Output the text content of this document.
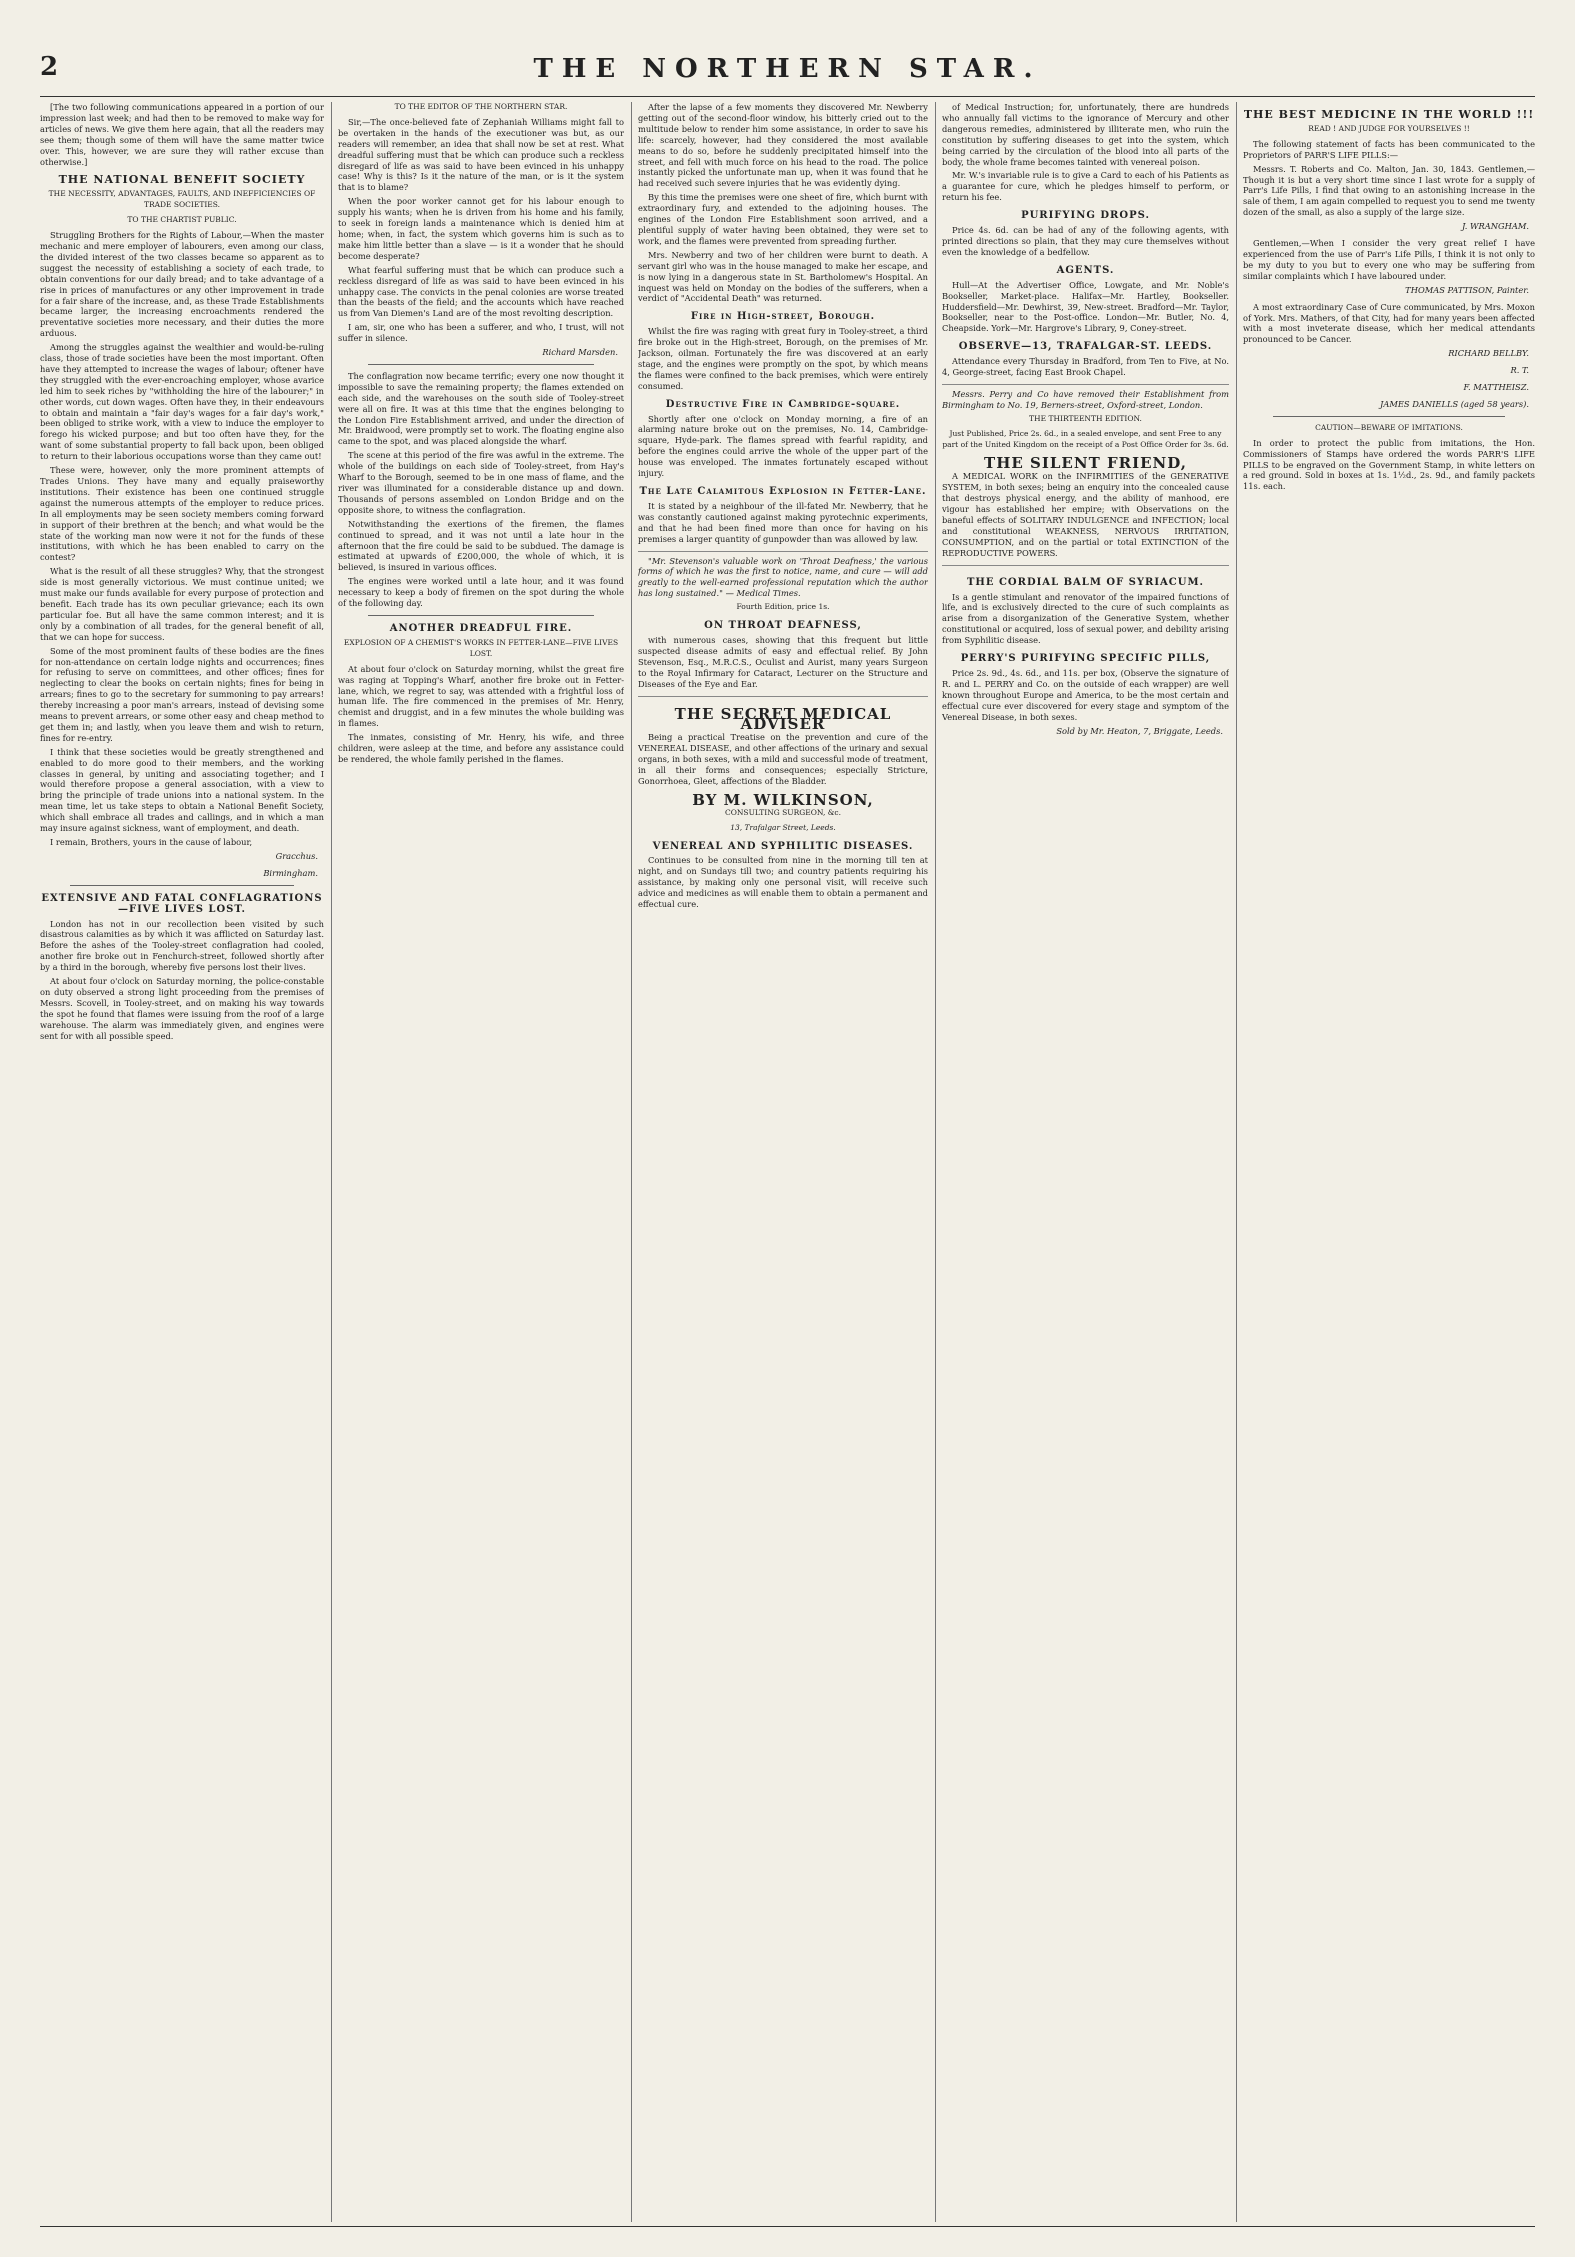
2	THE NORTHERN STAR.

[The two following communications appeared in a portion of our impression last week; and had then to be removed to make way for articles of news. We give them here again, that all the readers may see them; though some of them will have the same matter twice over. This, however, we are sure they will rather excuse than otherwise.]

THE NATIONAL BENEFIT SOCIETY
THE NECESSITY, ADVANTAGES, FAULTS, AND INEFFICIENCIES OF TRADE SOCIETIES.
TO THE CHARTIST PUBLIC.

Struggling Brothers for the Rights of Labour,—When the master mechanic and mere employer of labourers, even among our class, the divided interest of the two classes became so apparent as to suggest the necessity of establishing a society of each trade, to obtain conventions for our daily bread; and to take advantage of a rise in prices of manufactures or any other improvement in trade for a fair share of the increase, and, as these Trade Establishments became larger, the increasing encroachments rendered the preventative societies more necessary, and their duties the more arduous.

Among the struggles against the wealthier and would-be-ruling class, those of trade societies have been the most important. Often have they attempted to increase the wages of labour; oftener have they struggled with the ever-encroaching employer, whose avarice led him to seek riches by "withholding the hire of the labourer;" in other words, cut down wages. Often have they, in their endeavours to obtain and maintain a "fair day's wages for a fair day's work," been obliged to strike work, with a view to induce the employer to forego his wicked purpose; and but too often have they, for the want of some substantial property to fall back upon, been obliged to return to their laborious occupations worse than they came out!

These were, however, only the more prominent attempts of Trades Unions. They have many and equally praiseworthy institutions. Their existence has been one continued struggle against the numerous attempts of the employer to reduce prices. In all employments may be seen society members coming forward in support of their brethren at the bench; and what would be the state of the working man now were it not for the funds of these institutions, with which he has been enabled to carry on the contest?

What is the result of all these struggles? Why, that the strongest side is most generally victorious. We must continue united; we must make our funds available for every purpose of protection and benefit. Each trade has its own peculiar grievance; each its own particular foe. But all have the same common interest; and it is only by a combination of all trades, for the general benefit of all, that we can hope for success.

Some of the most prominent faults of these bodies are the fines for non-attendance on certain lodge nights and occurrences; fines for refusing to serve on committees, and other offices; fines for neglecting to clear the books on certain nights; fines for being in arrears; fines to go to the secretary for summoning to pay arrears! thereby increasing a poor man's arrears, instead of devising some means to prevent arrears, or some other easy and cheap method to get them in; and lastly, when you leave them and wish to return, fines for re-entry.

I think that these societies would be greatly strengthened and enabled to do more good to their members, and the working classes in general, by uniting and associating together; and I would therefore propose a general association, with a view to bring the principle of trade unions into a national system. In the mean time, let us take steps to obtain a National Benefit Society, which shall embrace all trades and callings, and in which a man may insure against sickness, want of employment, and death.

I remain, Brothers, yours in the cause of labour,

Gracchus.
Birmingham.
EXTENSIVE AND FATAL CONFLAGRATIONS—FIVE LIVES LOST.

London has not in our recollection been visited by such disastrous calamities as by which it was afflicted on Saturday last. Before the ashes of the Tooley-street conflagration had cooled, another fire broke out in Fenchurch-street, followed shortly after by a third in the borough, whereby five persons lost their lives.

At about four o'clock on Saturday morning, the police-constable on duty observed a strong light proceeding from the premises of Messrs. Scovell, in Tooley-street, and on making his way towards the spot he found that flames were issuing from the roof of a large warehouse. The alarm was immediately given, and engines were sent for with all possible speed.

TO THE EDITOR OF THE NORTHERN STAR.

Sir,—The once-believed fate of Zephaniah Williams might fall to be overtaken in the hands of the executioner was but, as our readers will remember, an idea that shall now be set at rest. What dreadful suffering must that be which can produce such a reckless disregard of life as was said to have been evinced in his unhappy case! Why is this? Is it the nature of the man, or is it the system that is to blame?

When the poor worker cannot get for his labour enough to supply his wants; when he is driven from his home and his family, to seek in foreign lands a maintenance which is denied him at home; when, in fact, the system which governs him is such as to make him little better than a slave — is it a wonder that he should become desperate?

What fearful suffering must that be which can produce such a reckless disregard of life as was said to have been evinced in his unhappy case. The convicts in the penal colonies are worse treated than the beasts of the field; and the accounts which have reached us from Van Diemen's Land are of the most revolting description.

I am, sir, one who has been a sufferer, and who, I trust, will not suffer in silence.

Richard Marsden.

The conflagration now became terrific; every one now thought it impossible to save the remaining property; the flames extended on each side, and the warehouses on the south side of Tooley-street were all on fire. It was at this time that the engines belonging to the London Fire Establishment arrived, and under the direction of Mr. Braidwood, were promptly set to work. The floating engine also came to the spot, and was placed alongside the wharf.

The scene at this period of the fire was awful in the extreme. The whole of the buildings on each side of Tooley-street, from Hay's Wharf to the Borough, seemed to be in one mass of flame, and the river was illuminated for a considerable distance up and down. Thousands of persons assembled on London Bridge and on the opposite shore, to witness the conflagration.

Notwithstanding the exertions of the firemen, the flames continued to spread, and it was not until a late hour in the afternoon that the fire could be said to be subdued. The damage is estimated at upwards of £200,000, the whole of which, it is believed, is insured in various offices.

The engines were worked until a late hour, and it was found necessary to keep a body of firemen on the spot during the whole of the following day.

ANOTHER DREADFUL FIRE.
EXPLOSION OF A CHEMIST'S WORKS IN FETTER-LANE—FIVE LIVES LOST.

At about four o'clock on Saturday morning, whilst the great fire was raging at Topping's Wharf, another fire broke out in Fetter-lane, which, we regret to say, was attended with a frightful loss of human life. The fire commenced in the premises of Mr. Henry, chemist and druggist, and in a few minutes the whole building was in flames.

The inmates, consisting of Mr. Henry, his wife, and three children, were asleep at the time, and before any assistance could be rendered, the whole family perished in the flames.

After the lapse of a few moments they discovered Mr. Newberry getting out of the second-floor window, his bitterly cried out to the multitude below to render him some assistance, in order to save his life: scarcely, however, had they considered the most available means to do so, before he suddenly precipitated himself into the street, and fell with much force on his head to the road. The police instantly picked the unfortunate man up, when it was found that he had received such severe injuries that he was evidently dying.

By this time the premises were one sheet of fire, which burnt with extraordinary fury, and extended to the adjoining houses. The engines of the London Fire Establishment soon arrived, and a plentiful supply of water having been obtained, they were set to work, and the flames were prevented from spreading further.

Mrs. Newberry and two of her children were burnt to death. A servant girl who was in the house managed to make her escape, and is now lying in a dangerous state in St. Bartholomew's Hospital. An inquest was held on Monday on the bodies of the sufferers, when a verdict of "Accidental Death" was returned.

Fire in High-street, Borough.

Whilst the fire was raging with great fury in Tooley-street, a third fire broke out in the High-street, Borough, on the premises of Mr. Jackson, oilman. Fortunately the fire was discovered at an early stage, and the engines were promptly on the spot, by which means the flames were confined to the back premises, which were entirely consumed.

Destructive Fire in Cambridge-square.

Shortly after one o'clock on Monday morning, a fire of an alarming nature broke out on the premises, No. 14, Cambridge-square, Hyde-park. The flames spread with fearful rapidity, and before the engines could arrive the whole of the upper part of the house was enveloped. The inmates fortunately escaped without injury.

The Late Calamitous Explosion in Fetter-Lane.

It is stated by a neighbour of the ill-fated Mr. Newberry, that he was constantly cautioned against making pyrotechnic experiments, and that he had been fined more than once for having on his premises a larger quantity of gunpowder than was allowed by law.

"Mr. Stevenson's valuable work on 'Throat Deafness,' the various forms of which he was the first to notice, name, and cure — will add greatly to the well-earned professional reputation which the author has long sustained." — Medical Times.

Fourth Edition, price 1s.
ON THROAT DEAFNESS,

with numerous cases, showing that this frequent but little suspected disease admits of easy and effectual relief. By John Stevenson, Esq., M.R.C.S., Oculist and Aurist, many years Surgeon to the Royal Infirmary for Cataract, Lecturer on the Structure and Diseases of the Eye and Ear.

THE SECRET MEDICAL ADVISER

Being a practical Treatise on the prevention and cure of the VENEREAL DISEASE, and other affections of the urinary and sexual organs, in both sexes, with a mild and successful mode of treatment, in all their forms and consequences; especially Stricture, Gonorrhoea, Gleet, affections of the Bladder.

BY M. WILKINSON,
CONSULTING SURGEON, &c.
13, Trafalgar Street, Leeds.
VENEREAL AND SYPHILITIC DISEASES.

Continues to be consulted from nine in the morning till ten at night, and on Sundays till two; and country patients requiring his assistance, by making only one personal visit, will receive such advice and medicines as will enable them to obtain a permanent and effectual cure.

of Medical Instruction; for, unfortunately, there are hundreds who annually fall victims to the ignorance of Mercury and other dangerous remedies, administered by illiterate men, who ruin the constitution by suffering diseases to get into the system, which being carried by the circulation of the blood into all parts of the body, the whole frame becomes tainted with venereal poison.

Mr. W.'s invariable rule is to give a Card to each of his Patients as a guarantee for cure, which he pledges himself to perform, or return his fee.

PURIFYING DROPS.

Price 4s. 6d. can be had of any of the following agents, with printed directions so plain, that they may cure themselves without even the knowledge of a bedfellow.

AGENTS.

Hull—At the Advertiser Office, Lowgate, and Mr. Noble's Bookseller, Market-place. Halifax—Mr. Hartley, Bookseller. Huddersfield—Mr. Dewhirst, 39, New-street. Bradford—Mr. Taylor, Bookseller, near to the Post-office. London—Mr. Butler, No. 4, Cheapside. York—Mr. Hargrove's Library, 9, Coney-street.

OBSERVE—13, TRAFALGAR-ST. LEEDS.

Attendance every Thursday in Bradford, from Ten to Five, at No. 4, George-street, facing East Brook Chapel.

Messrs. Perry and Co have removed their Establishment from Birmingham to No. 19, Berners-street, Oxford-street, London.

THE THIRTEENTH EDITION.
Just Published, Price 2s. 6d., in a sealed envelope, and sent Free to any part of the United Kingdom on the receipt of a Post Office Order for 3s. 6d.
THE SILENT FRIEND,

A MEDICAL WORK on the INFIRMITIES of the GENERATIVE SYSTEM, in both sexes; being an enquiry into the concealed cause that destroys physical energy, and the ability of manhood, ere vigour has established her empire; with Observations on the baneful effects of SOLITARY INDULGENCE and INFECTION; local and constitutional WEAKNESS, NERVOUS IRRITATION, CONSUMPTION, and on the partial or total EXTINCTION of the REPRODUCTIVE POWERS.

THE CORDIAL BALM OF SYRIACUM.

Is a gentle stimulant and renovator of the impaired functions of life, and is exclusively directed to the cure of such complaints as arise from a disorganization of the Generative System, whether constitutional or acquired, loss of sexual power, and debility arising from Syphilitic disease.

PERRY'S PURIFYING SPECIFIC PILLS,

Price 2s. 9d., 4s. 6d., and 11s. per box, (Observe the signature of R. and L. PERRY and Co. on the outside of each wrapper) are well known throughout Europe and America, to be the most certain and effectual cure ever discovered for every stage and symptom of the Venereal Disease, in both sexes.

Sold by Mr. Heaton, 7, Briggate, Leeds.
THE BEST MEDICINE IN THE WORLD !!!
READ ! AND JUDGE FOR YOURSELVES !!

The following statement of facts has been communicated to the Proprietors of PARR'S LIFE PILLS:—

Messrs. T. Roberts and Co. Malton, Jan. 30, 1843. Gentlemen,—Though it is but a very short time since I last wrote for a supply of Parr's Life Pills, I find that owing to an astonishing increase in the sale of them, I am again compelled to request you to send me twenty dozen of the small, as also a supply of the large size.

J. WRANGHAM.

Gentlemen,—When I consider the very great relief I have experienced from the use of Parr's Life Pills, I think it is not only to be my duty to you but to every one who may be suffering from similar complaints which I have laboured under.

THOMAS PATTISON, Painter.

A most extraordinary Case of Cure communicated, by Mrs. Moxon of York. Mrs. Mathers, of that City, had for many years been affected with a most inveterate disease, which her medical attendants pronounced to be Cancer.

RICHARD BELLBY.
R. T.
F. MATTHEISZ.
JAMES DANIELLS (aged 58 years).
CAUTION—BEWARE OF IMITATIONS.

In order to protect the public from imitations, the Hon. Commissioners of Stamps have ordered the words PARR'S LIFE PILLS to be engraved on the Government Stamp, in white letters on a red ground. Sold in boxes at 1s. 1½d., 2s. 9d., and family packets 11s. each.
